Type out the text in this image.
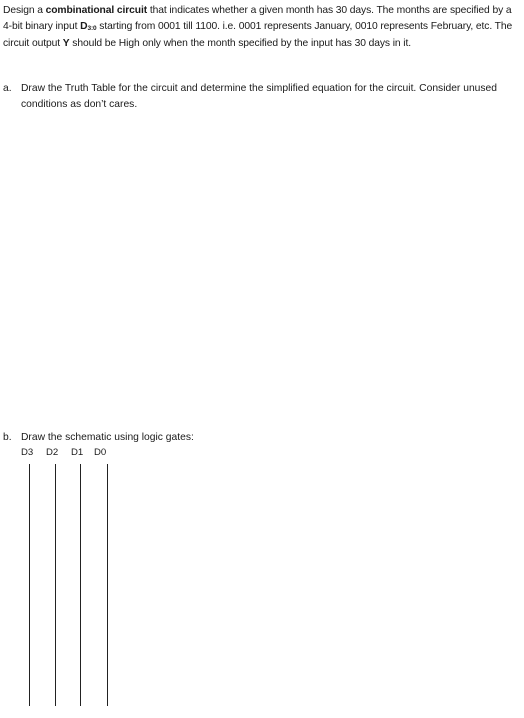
Design a combinational circuit that indicates whether a given month has 30 days. The months are specified by a 4-bit binary input $D_{3:0}$ starting from 0001 till 1100. i.e. 0001 represents January, 0010 represents February, etc. The circuit output Y should be High only when the month specified by the input has 30 days in it.
a. Draw the Truth Table for the circuit and determine the simplified equation for the circuit. Consider unused conditions as don’t cares.
b. Draw the schematic using logic gates:
D3 D2 D1 D0
